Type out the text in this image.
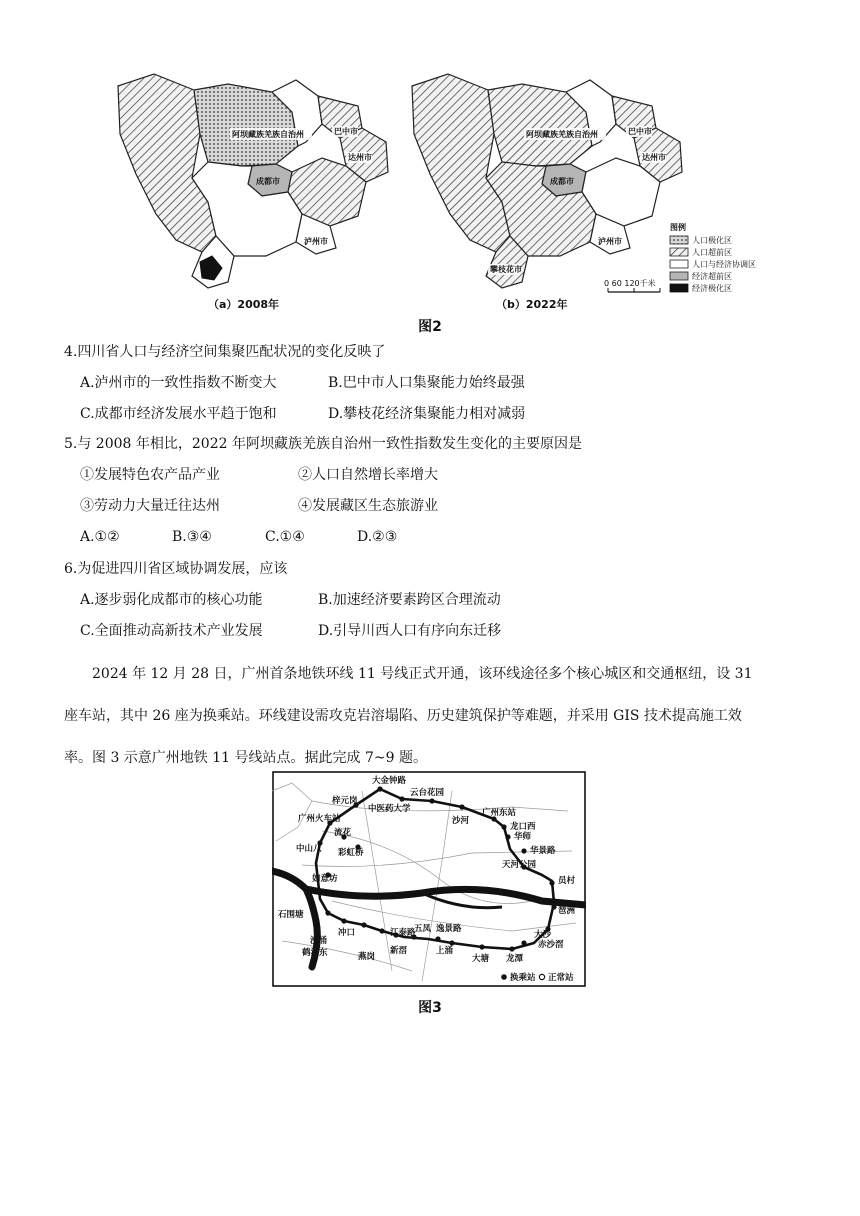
阿坝藏族羌族自治州	巴中市
达州市
成都市
泸州市
（a）2008年
阿坝藏族羌族自治州	巴中市
达州市
成都市
泸州市
攀枝花市
（b）2022年
图例
人口极化区
人口超前区
人口与经济协调区
经济超前区
经济极化区
0 60 120千米
图2
4.四川省人口与经济空间集聚匹配状况的变化反映了
A.泸州市的一致性指数不断变大	B.巴中市人口集聚能力始终最强
C.成都市经济发展水平趋于饱和	D.攀枝花经济集聚能力相对减弱
5.与 2008 年相比，2022 年阿坝藏族羌族自治州一致性指数发生变化的主要原因是
①发展特色农产品产业	②人口自然增长率增大
③劳动力大量迁往达州	④发展藏区生态旅游业
A.①②	B.③④	C.①④	D.②③
6.为促进四川省区域协调发展，应该
A.逐步弱化成都市的核心功能	B.加速经济要素跨区合理流动
C.全面推动高新技术产业发展	D.引导川西人口有序向东迁移
2024 年 12 月 28 日，广州首条地铁环线 11 号线正式开通，该环线途径多个核心城区和交通枢纽，设 31
座车站，其中 26 座为换乘站。环线建设需攻克岩溶塌陷、历史建筑保护等难题，并采用 GIS 技术提高施工效
率。图 3 示意广州地铁 11 号线站点。据此完成 7~9 题。
大金钟路
云台花园
梓元岗
中医药大学	广州东站
广州火车站	沙河
龙口西
流花	华师
华景路
中山八 彩虹桥
天河公园
如意坊	员村
石围塘	琶洲
大沙
冲口	五凤 逸景路
赤沙滘
沙涌
江泰路
上涌
大塘 龙潭
鹤洞东	新滘
燕岗
换乘站 正常站
图3
